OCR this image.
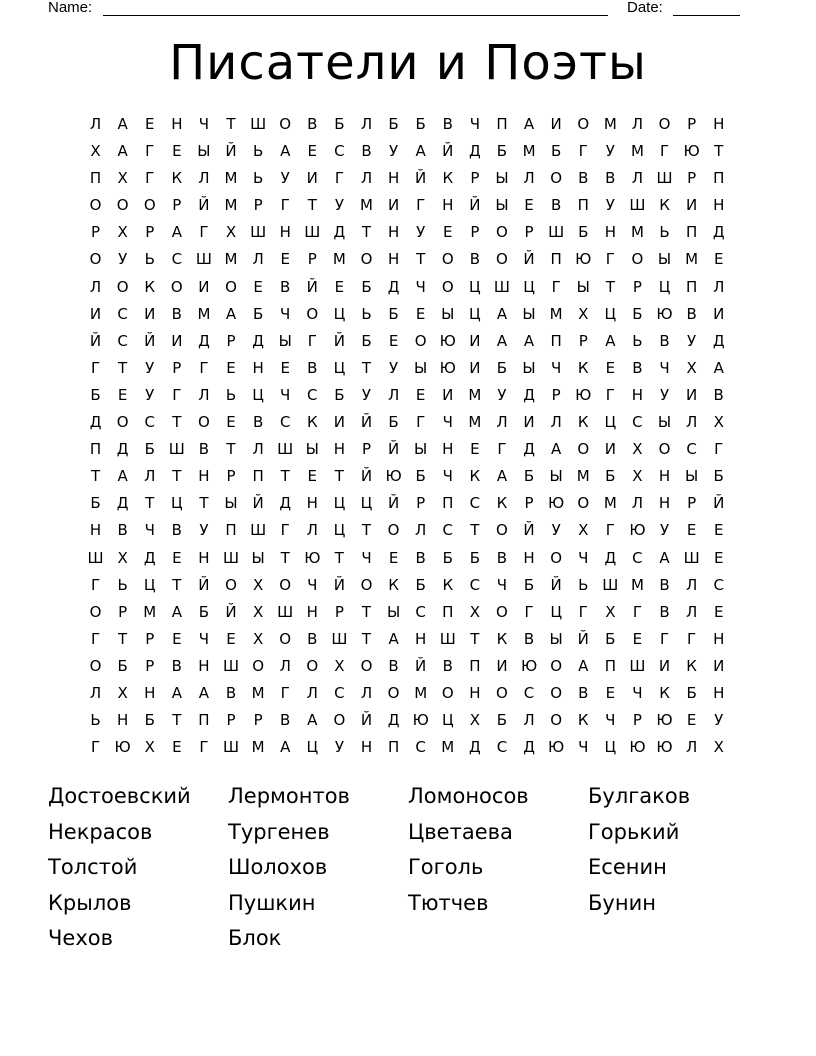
Name:	Date:
Писатели и Поэты
Л	А	Е	Н	Ч	Т Ш О	В	Б	Л	Б	Б	В	Ч	П	А	И	О М Л	О	Р	Н
Х	А	Г	Е	Ы Й	Ь	А	Е	С	В	У	А	Й	Д	Б	М	Б	Г	У	М	Г Ю Т
П	Х	Г	К	Л М	Ь	У	И	Г	Л	Н	Й	К	Р	Ы Л	О	В	В	Л Ш Р	П
О	О	О	Р	Й	М	Р	Г	Т	У	М	И	Г	Н	Й Ы	Е	В	П	У Ш К	И	Н
Р	Х	Р	А	Г	Х Ш Н Ш Д	Т	Н	У	Е	Р	О	Р Ш Б	Н М	Ь	П	Д
О	У	Ь	С Ш М Л	Е	Р	М О	Н	Т	О	В	О	Й	П Ю Г	О Ы М	Е
Л	О	К	О	И	О	Е	В	Й	Е	Б	Д	Ч	О	Ц Ш Ц	Г	Ы	Т	Р	Ц	П	Л
И	С	И	В	М	А	Б	Ч	О	Ц	Ь	Б	Е	Ы Ц	А	Ы М	Х	Ц	Б Ю В	И
Й	С	Й	И	Д	Р	Д Ы	Г	Й	Б	Е	О Ю И	А	А	П	Р	А	Ь	В	У	Д
Г	Т	У	Р	Г	Е	Н	Е	В	Ц	Т	У	Ы Ю И	Б	Ы	Ч	К	Е	В	Ч	Х	А
Б	Е	У	Г	Л	Ь	Ц	Ч	С	Б	У	Л	Е	И	М	У	Д	Р Ю Г	Н	У	И	В
Д	О	С	Т	О	Е	В	С	К	И	Й	Б	Г	Ч	М Л	И	Л	К	Ц	С	Ы Л	Х
П	Д	Б Ш В	Т	Л Ш Ы Н	Р	Й Ы Н	Е	Г	Д	А	О	И	Х	О	С	Г
Т	А	Л	Т	Н	Р	П	Т	Е	Т	Й Ю Б	Ч	К	А	Б	Ы М	Б	Х	Н Ы	Б
Б	Д	Т	Ц	Т	Ы Й	Д	Н	Ц	Ц	Й	Р	П	С	К	Р Ю О М Л	Н	Р	Й
Н	В	Ч	В	У	П Ш Г	Л	Ц	Т	О	Л	С	Т	О	Й	У	Х	Г Ю У	Е	Е
Ш Х	Д	Е	Н Ш Ы	Т Ю Т	Ч	Е	В	Б	Б	В	Н	О	Ч	Д	С	А Ш Е
Г	Ь	Ц	Т	Й	О	Х	О	Ч	Й	О	К	Б	К	С	Ч	Б	Й	Ь Ш М	В	Л	С
О	Р	М	А	Б	Й	Х Ш Н	Р	Т	Ы	С	П	Х	О	Г	Ц	Г	Х	Г	В	Л	Е
Г	Т	Р	Е	Ч	Е	Х	О	В Ш Т	А	Н Ш Т	К	В	Ы Й	Б	Е	Г	Г	Н
О	Б	Р	В	Н Ш О	Л	О	Х	О	В	Й	В	П	И Ю О	А	П Ш И	К	И
Л	Х	Н	А	А	В	М	Г	Л	С	Л	О М О	Н	О	С	О	В	Е	Ч	К	Б	Н
Ь	Н	Б	Т	П	Р	Р	В	А	О	Й	Д Ю Ц	Х	Б	Л	О	К	Ч	Р Ю Е	У
Г Ю Х	Е	Г Ш М	А	Ц	У	Н	П	С	М Д	С	Д Ю Ч	Ц Ю Ю Л	Х
Достоевский
Некрасов
Толстой
Крылов
Чехов
Лермонтов
Тургенев
Шолохов
Пушкин
Блок
Ломоносов
Цветаева
Гоголь
Тютчев
Булгаков
Горький
Есенин
Бунин
